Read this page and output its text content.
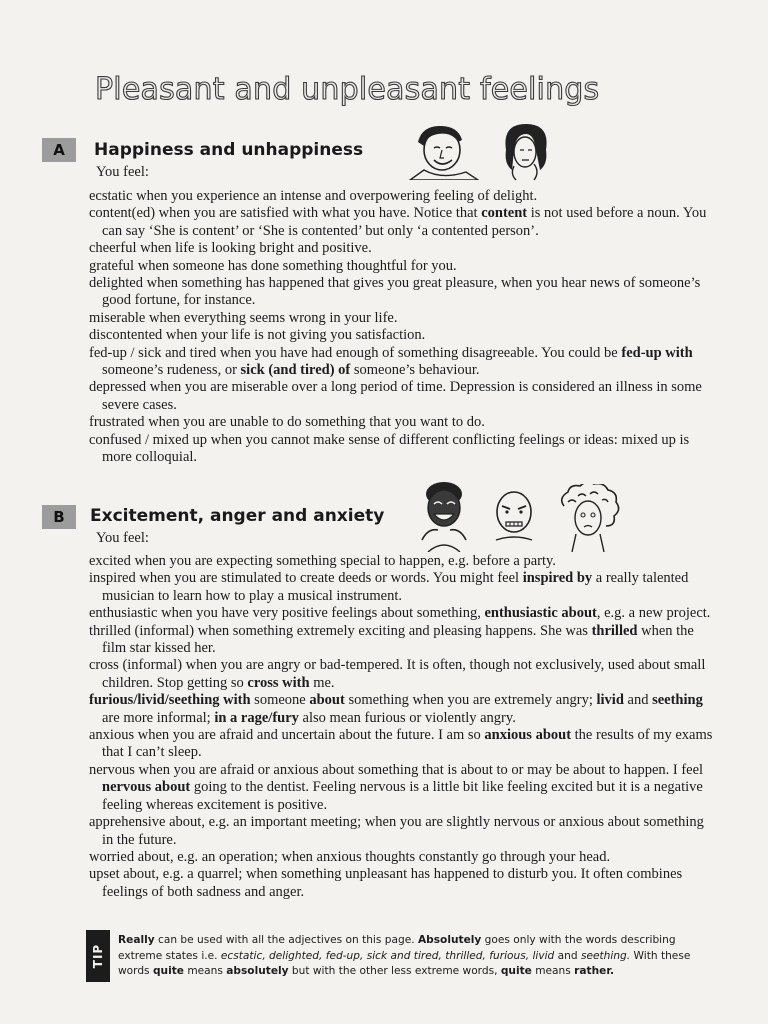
Pleasant and unpleasant feelings
A	Happiness and unhappiness
You feel:
ecstatic when you experience an intense and overpowering feeling of delight.
content(ed) when you are satisfied with what you have. Notice that content is not used before a noun. You can say ‘She is content’ or ‘She is contented’ but only ‘a contented person’.
cheerful when life is looking bright and positive.
grateful when someone has done something thoughtful for you.
delighted when something has happened that gives you great pleasure, when you hear news of someone’s good fortune, for instance.
miserable when everything seems wrong in your life.
discontented when your life is not giving you satisfaction.
fed-up / sick and tired when you have had enough of something disagreeable. You could be fed-up with someone’s rudeness, or sick (and tired) of someone’s behaviour.
depressed when you are miserable over a long period of time. Depression is considered an illness in some severe cases.
frustrated when you are unable to do something that you want to do.
confused / mixed up when you cannot make sense of different conflicting feelings or ideas: mixed up is more colloquial.
B	Excitement, anger and anxiety
You feel:
excited when you are expecting something special to happen, e.g. before a party.
inspired when you are stimulated to create deeds or words. You might feel inspired by a really talented musician to learn how to play a musical instrument.
enthusiastic when you have very positive feelings about something, enthusiastic about, e.g. a new project.
thrilled (informal) when something extremely exciting and pleasing happens. She was thrilled when the film star kissed her.
cross (informal) when you are angry or bad-tempered. It is often, though not exclusively, used about small children. Stop getting so cross with me.
furious/livid/seething with someone about something when you are extremely angry; livid and seething are more informal; in a rage/fury also mean furious or violently angry.
anxious when you are afraid and uncertain about the future. I am so anxious about the results of my exams that I can’t sleep.
nervous when you are afraid or anxious about something that is about to or may be about to happen. I feel nervous about going to the dentist. Feeling nervous is a little bit like feeling excited but it is a negative feeling whereas excitement is positive.
apprehensive about, e.g. an important meeting; when you are slightly nervous or anxious about something in the future.
worried about, e.g. an operation; when anxious thoughts constantly go through your head.
upset about, e.g. a quarrel; when something unpleasant has happened to disturb you. It often combines feelings of both sadness and anger.
TIP

Really can be used with all the adjectives on this page. Absolutely goes only with the words describing extreme states i.e. ecstatic, delighted, fed-up, sick and tired, thrilled, furious, livid and seething. With these words quite means absolutely but with the other less extreme words, quite means rather.
